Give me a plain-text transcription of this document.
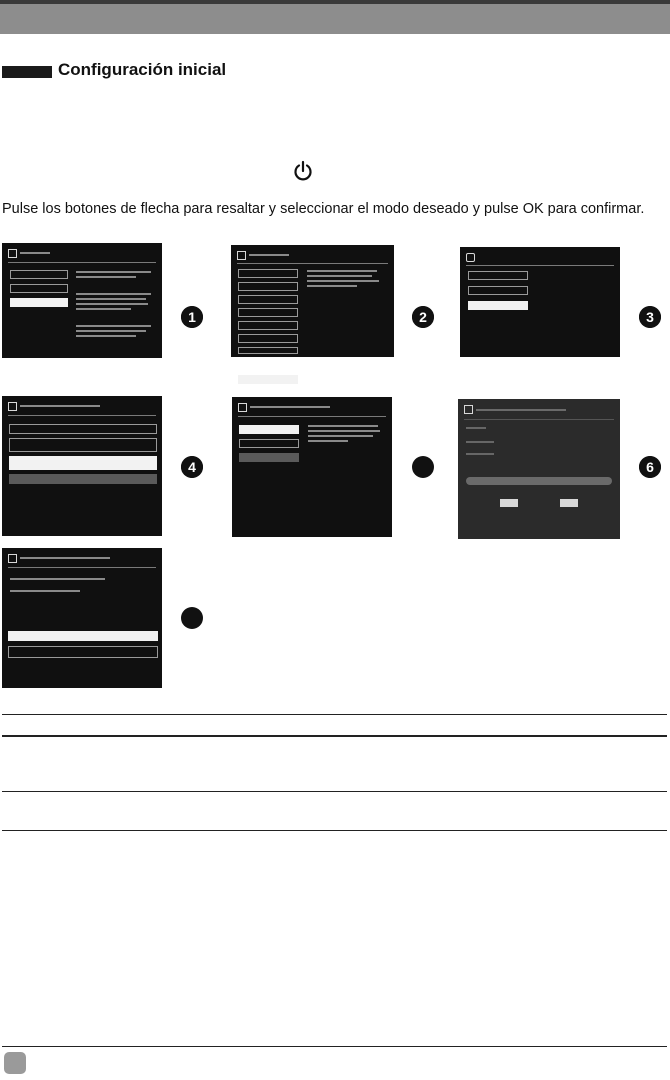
Configuración inicial

Pulse los botones de flecha para resaltar y seleccionar el modo deseado y pulse OK para confirmar.

1	2	3
4	6
